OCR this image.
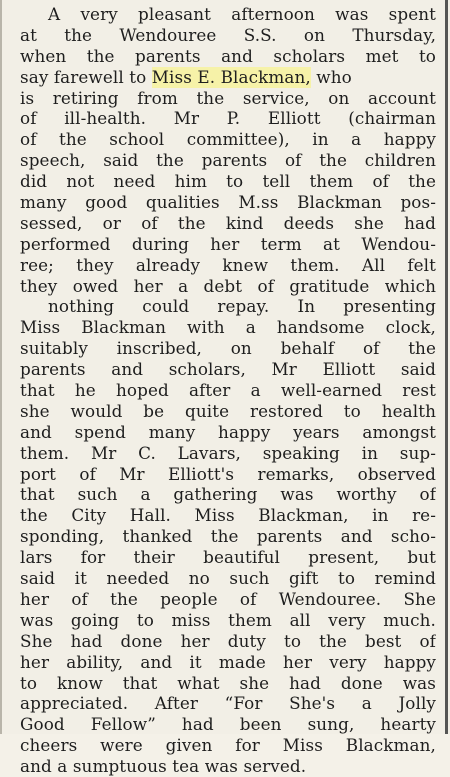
A very pleasant afternoon was spent
at the Wendouree S.S. on Thursday,
when the parents and scholars met to
say farewell to Miss E. Blackman, who
is retiring from the service, on account
of ill-health. Mr P. Elliott (chairman
of the school committee), in a happy
speech, said the parents of the children
did not need him to tell them of the
many good qualities M.ss Blackman pos-
sessed, or of the kind deeds she had
performed during her term at Wendou-
ree; they already knew them. All felt
they owed her a debt of gratitude which
nothing could repay. In presenting
Miss Blackman with a handsome clock,
suitably inscribed, on behalf of the
parents and scholars, Mr Elliott said
that he hoped after a well-earned rest
she would be quite restored to health
and spend many happy years amongst
them. Mr C. Lavars, speaking in sup-
port of Mr Elliott's remarks, observed
that such a gathering was worthy of
the City Hall. Miss Blackman, in re-
sponding, thanked the parents and scho-
lars for their beautiful present, but
said it needed no such gift to remind
her of the people of Wendouree. She
was going to miss them all very much.
She had done her duty to the best of
her ability, and it made her very happy
to know that what she had done was
appreciated. After “For She's a Jolly
Good Fellow” had been sung, hearty
cheers were given for Miss Blackman,
and a sumptuous tea was served.
